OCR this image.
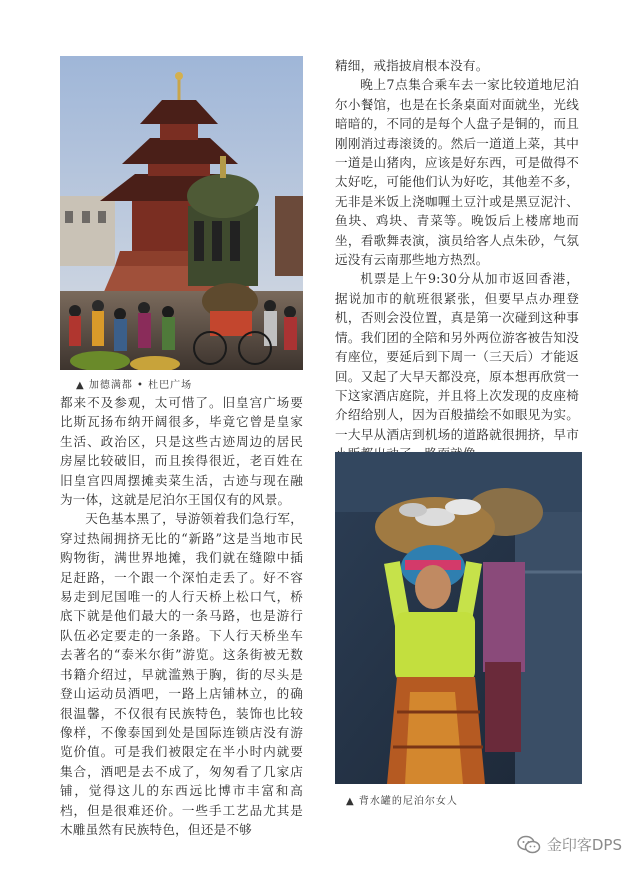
▲ 加德满都 • 杜巴广场

都来不及参观，太可惜了。旧皇宫广场要比斯瓦扬布纳开阔很多，毕竟它曾是皇家生活、政治区，只是这些古迹周边的居民房屋比较破旧，而且挨得很近，老百姓在旧皇宫四周摆摊卖菜生活，古迹与现在融为一体，这就是尼泊尔王国仅有的风景。

天色基本黑了，导游领着我们急行军，穿过热闹拥挤无比的“新路”这是当地市民购物街，满世界地摊，我们就在缝隙中插足赶路，一个跟一个深怕走丢了。好不容易走到尼国唯一的人行天桥上松口气，桥底下就是他们最大的一条马路，也是游行队伍必定要走的一条路。下人行天桥坐车去著名的“泰米尔街”游览。这条街被无数书籍介绍过，早就滥熟于胸，街的尽头是登山运动员酒吧，一路上店铺林立，的确很温馨，不仅很有民族特色，装饰也比较像样，不像泰国到处是国际连锁店没有游览价值。可是我们被限定在半小时内就要集合，酒吧是去不成了，匆匆看了几家店铺，觉得这儿的东西远比博市丰富和高档，但是很难还价。一些手工艺品尤其是木雕虽然有民族特色，但还是不够

精细，戒指披肩根本没有。

晚上7点集合乘车去一家比较道地尼泊尔小餐馆，也是在长条桌面对面就坐，光线暗暗的，不同的是每个人盘子是铜的，而且刚刚消过毒滚烫的。然后一道道上菜，其中一道是山猪肉，应该是好东西，可是做得不太好吃，可能他们认为好吃，其他差不多，无非是米饭上浇咖喱土豆汁或是黑豆泥汁、鱼块、鸡块、青菜等。晚饭后上楼席地而坐，看歌舞表演，演员给客人点朱砂，气氛远没有云南那些地方热烈。

机票是上午9:30分从加市返回香港，据说加市的航班很紧张，但要早点办理登机，否则会没位置，真是第一次碰到这种事情。我们团的全陪和另外两位游客被告知没有座位，要延后到下周一（三天后）才能返回。又起了大早天都没亮，原本想再欣赏一下这家酒店庭院，并且将上次发现的皮座椅介绍给别人，因为百般描绘不如眼见为实。一大早从酒店到机场的道路就很拥挤，早市

▲ 背水罐的尼泊尔女人
金印客DPS
